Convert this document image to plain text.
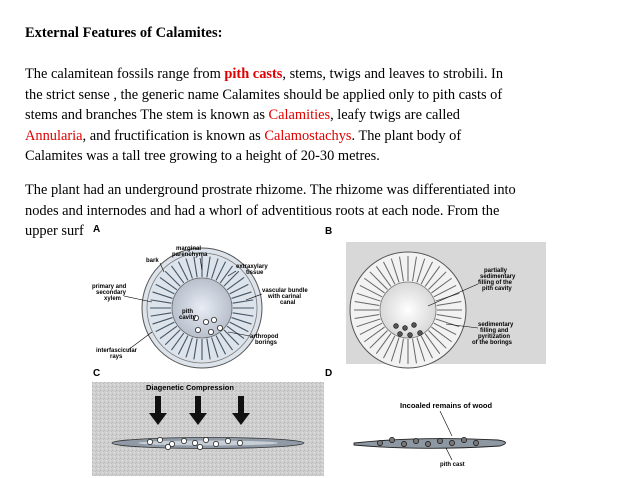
External Features of Calamites:
The calamitean fossils range from pith casts, stems, twigs and leaves to strobili. In
the strict sense , the generic name Calamites should be applied only to pith casts of
stems and branches The stem is known as Calamities, leafy twigs are called
Annularia, and fructification is known as Calamostachys. The plant body of
Calamites was a tall tree growing to a height of 20-30 metres.
The plant had an underground prostrate rhizome. The rhizome was differentiated into
nodes and internodes and had a whorl of adventitious roots at each node. From the
upper surf A
marginal
parenchyma
bark
extraxylary
tissue
primary and
secondary
xylem
vascular bundle
with carinal
canal
pith
cavity
arthropod
borings
interfascicular
rays
B
partially
sedimentary
filling of the
pith cavity
sedimentary
filling and
pyritization
of the borings
C
Diagenetic Compression
D
Incoaled remains of wood
pith cast
